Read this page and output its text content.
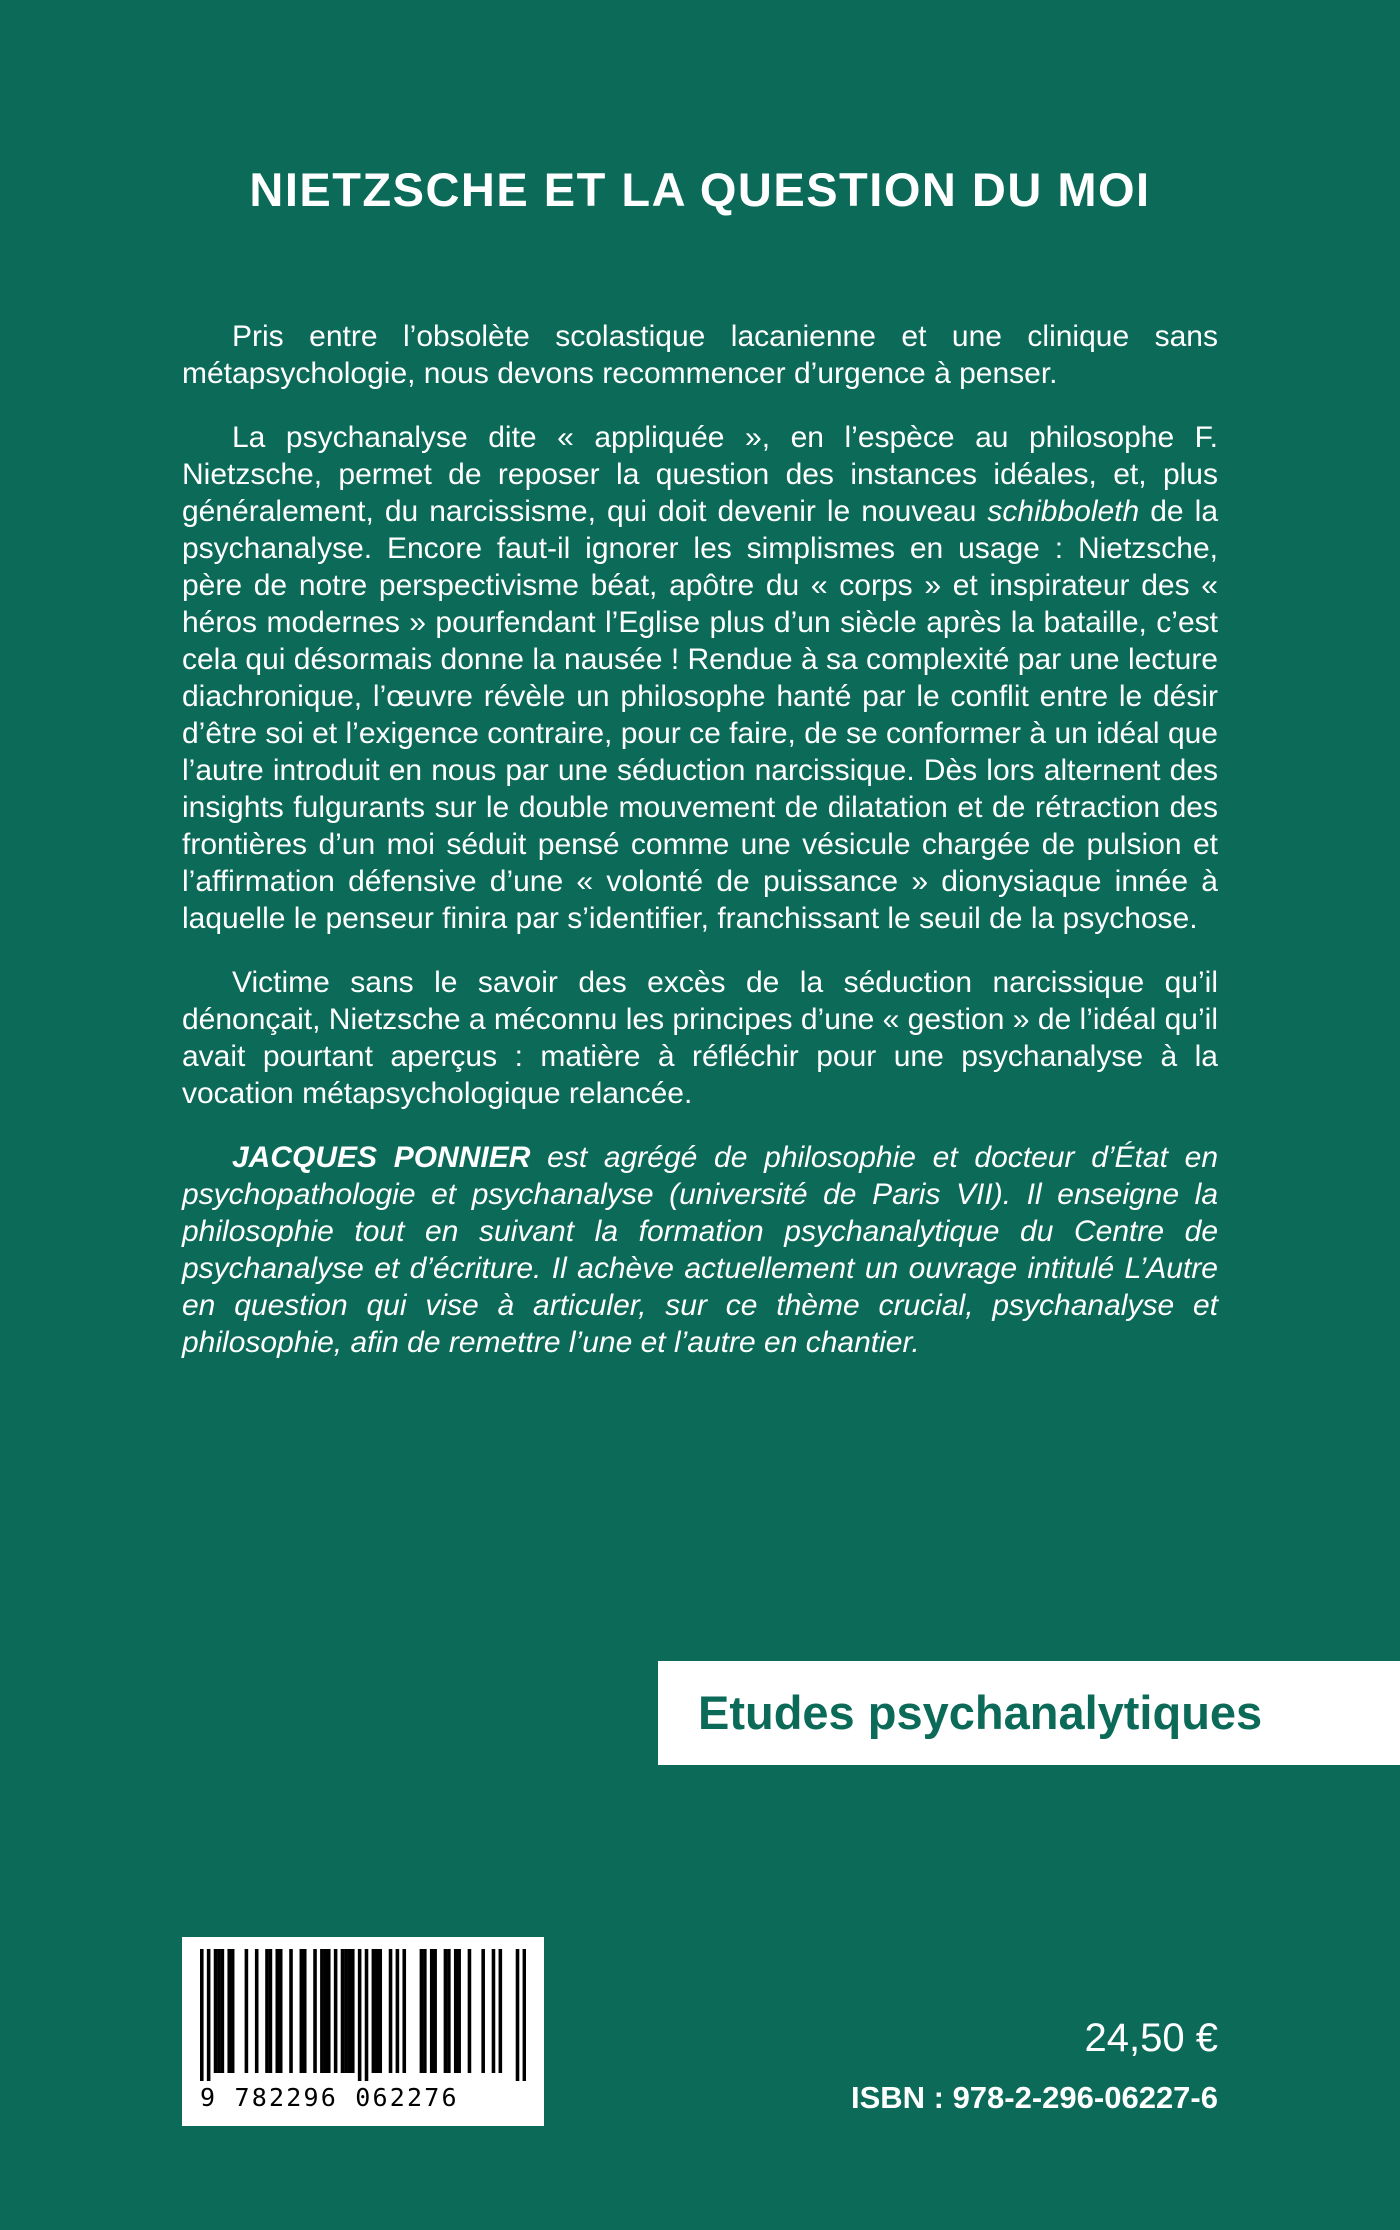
NIETZSCHE ET LA QUESTION DU MOI

Pris entre l’obsolète scolastique lacanienne et une clinique sans métapsychologie, nous devons recommencer d’urgence à penser.

La psychanalyse dite « appliquée », en l’espèce au philosophe F. Nietzsche, permet de reposer la question des instances idéales, et, plus généralement, du narcissisme, qui doit devenir le nouveau schibboleth de la psychanalyse. Encore faut-il ignorer les simplismes en usage : Nietzsche, père de notre perspectivisme béat, apôtre du « corps » et inspirateur des « héros modernes » pourfendant l’Eglise plus d’un siècle après la bataille, c’est cela qui désormais donne la nausée ! Rendue à sa complexité par une lecture diachronique, l’œuvre révèle un philosophe hanté par le conflit entre le désir d’être soi et l’exigence contraire, pour ce faire, de se conformer à un idéal que l’autre introduit en nous par une séduction narcissique. Dès lors alternent des insights fulgurants sur le double mouvement de dilatation et de rétraction des frontières d’un moi séduit pensé comme une vésicule chargée de pulsion et l’affirmation défensive d’une « volonté de puissance » dionysiaque innée à laquelle le penseur finira par s’identifier, franchissant le seuil de la psychose.

Victime sans le savoir des excès de la séduction narcissique qu’il dénonçait, Nietzsche a méconnu les principes d’une « gestion » de l’idéal qu’il avait pourtant aperçus : matière à réfléchir pour une psychanalyse à la vocation métapsychologique relancée.

JACQUES PONNIER est agrégé de philosophie et docteur d’État en psychopathologie et psychanalyse (université de Paris VII). Il enseigne la philosophie tout en suivant la formation psychanalytique du Centre de psychanalyse et d’écriture. Il achève actuellement un ouvrage intitulé L’Autre en question qui vise à articuler, sur ce thème crucial, psychanalyse et philosophie, afin de remettre l’une et l’autre en chantier.

Etudes psychanalytiques
9 782296 062276
24,50 €
ISBN : 978-2-296-06227-6
